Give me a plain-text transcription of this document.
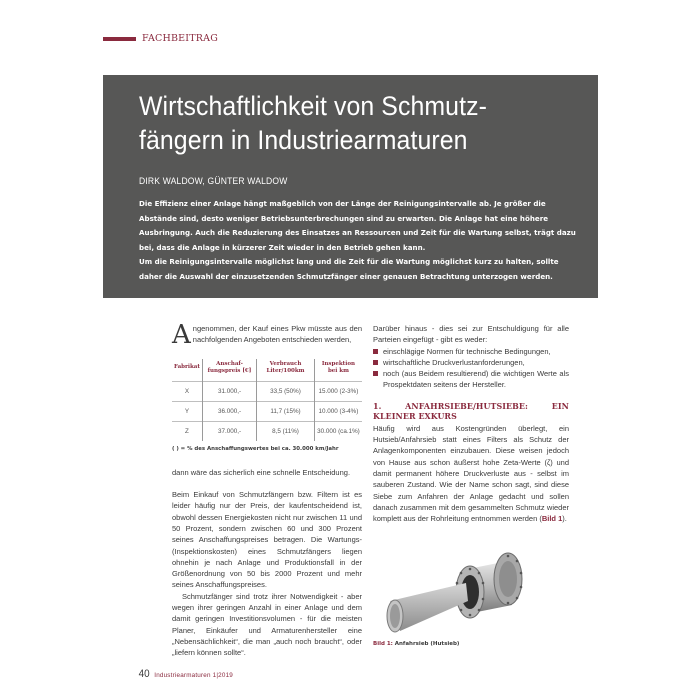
FACHBEITRAG
Wirtschaftlichkeit von Schmutz-
fängern in Industriearmaturen
DIRK WALDOW, GÜNTER WALDOW

Die Effizienz einer Anlage hängt maßgeblich von der Länge der Reinigungsintervalle ab. Je größer die Abstände sind, desto weniger Betriebsunterbrechungen sind zu erwarten. Die Anlage hat eine höhere Ausbringung. Auch die Reduzierung des Einsatzes an Ressourcen und Zeit für die Wartung selbst, trägt dazu bei, dass die Anlage in kürzerer Zeit wieder in den Betrieb gehen kann.

Um die Reinigungsintervalle möglichst lang und die Zeit für die Wartung möglichst kurz zu halten, sollte daher die Auswahl der einzusetzenden Schmutzfänger einer genauen Betrachtung unterzogen werden.

Angenommen, der Kauf eines Pkw müsste aus den nachfolgenden Angeboten entschieden werden,

Fabrikat	Anschaf-fungspreis [€]	Verbrauch Liter/100km	Inspektion bei km
X	31.000,-	33,5 (50%)	15.000 (2-3%)
Y	36.000,-	11,7 (15%)	10.000 (3-4%)
Z	37.000,-	8,5 (11%)	30.000 (ca.1%)
( ) = % des Anschaffungswertes bei ca. 30.000 km/Jahr

dann wäre das sicherlich eine schnelle Entscheidung.

Beim Einkauf von Schmutzfängern bzw. Filtern ist es leider häufig nur der Preis, der kaufentscheidend ist, obwohl dessen Energiekosten nicht nur zwischen 11 und 50 Prozent, sondern zwischen 60 und 300 Prozent seines Anschaffungspreises betragen. Die Wartungs-(Inspektionskosten) eines Schmutzfängers liegen ohnehin je nach Anlage und Produktionsfall in der Größenordnung von 50 bis 2000 Prozent und mehr seines Anschaffungspreises.

Schmutzfänger sind trotz ihrer Notwendigkeit - aber wegen ihrer geringen Anzahl in einer Anlage und dem damit geringen Investitionsvolumen - für die meisten Planer, Einkäufer und Armaturenhersteller eine „Nebensächlichkeit“, die man „auch noch braucht“, oder „liefern können sollte“.

Darüber hinaus - dies sei zur Entschuldigung für alle Parteien eingefügt - gibt es weder:

einschlägige Normen für technische Bedingungen,
wirtschaftliche Druckverlustanforderungen,
noch (aus Beidem resultierend) die wichtigen Werte als Prospektdaten seitens der Hersteller.
1. ANFAHRSIEBE/HUTSIEBE: EIN KLEINER EXKURS

Häufig wird aus Kostengründen überlegt, ein Hutsieb/Anfahrsieb statt eines Filters als Schutz der Anlagenkomponenten einzubauen. Diese weisen jedoch von Hause aus schon äußerst hohe Zeta-Werte (ζ) und damit permanent höhere Druckverluste aus - selbst im sauberen Zustand. Wie der Name schon sagt, sind diese Siebe zum Anfahren der Anlage gedacht und sollen danach zusammen mit dem gesammelten Schmutz wieder komplett aus der Rohrleitung entnommen werden (Bild 1).

Bild 1: Anfahrsieb (Hutsieb)
40 Industriearmaturen 1|2019
